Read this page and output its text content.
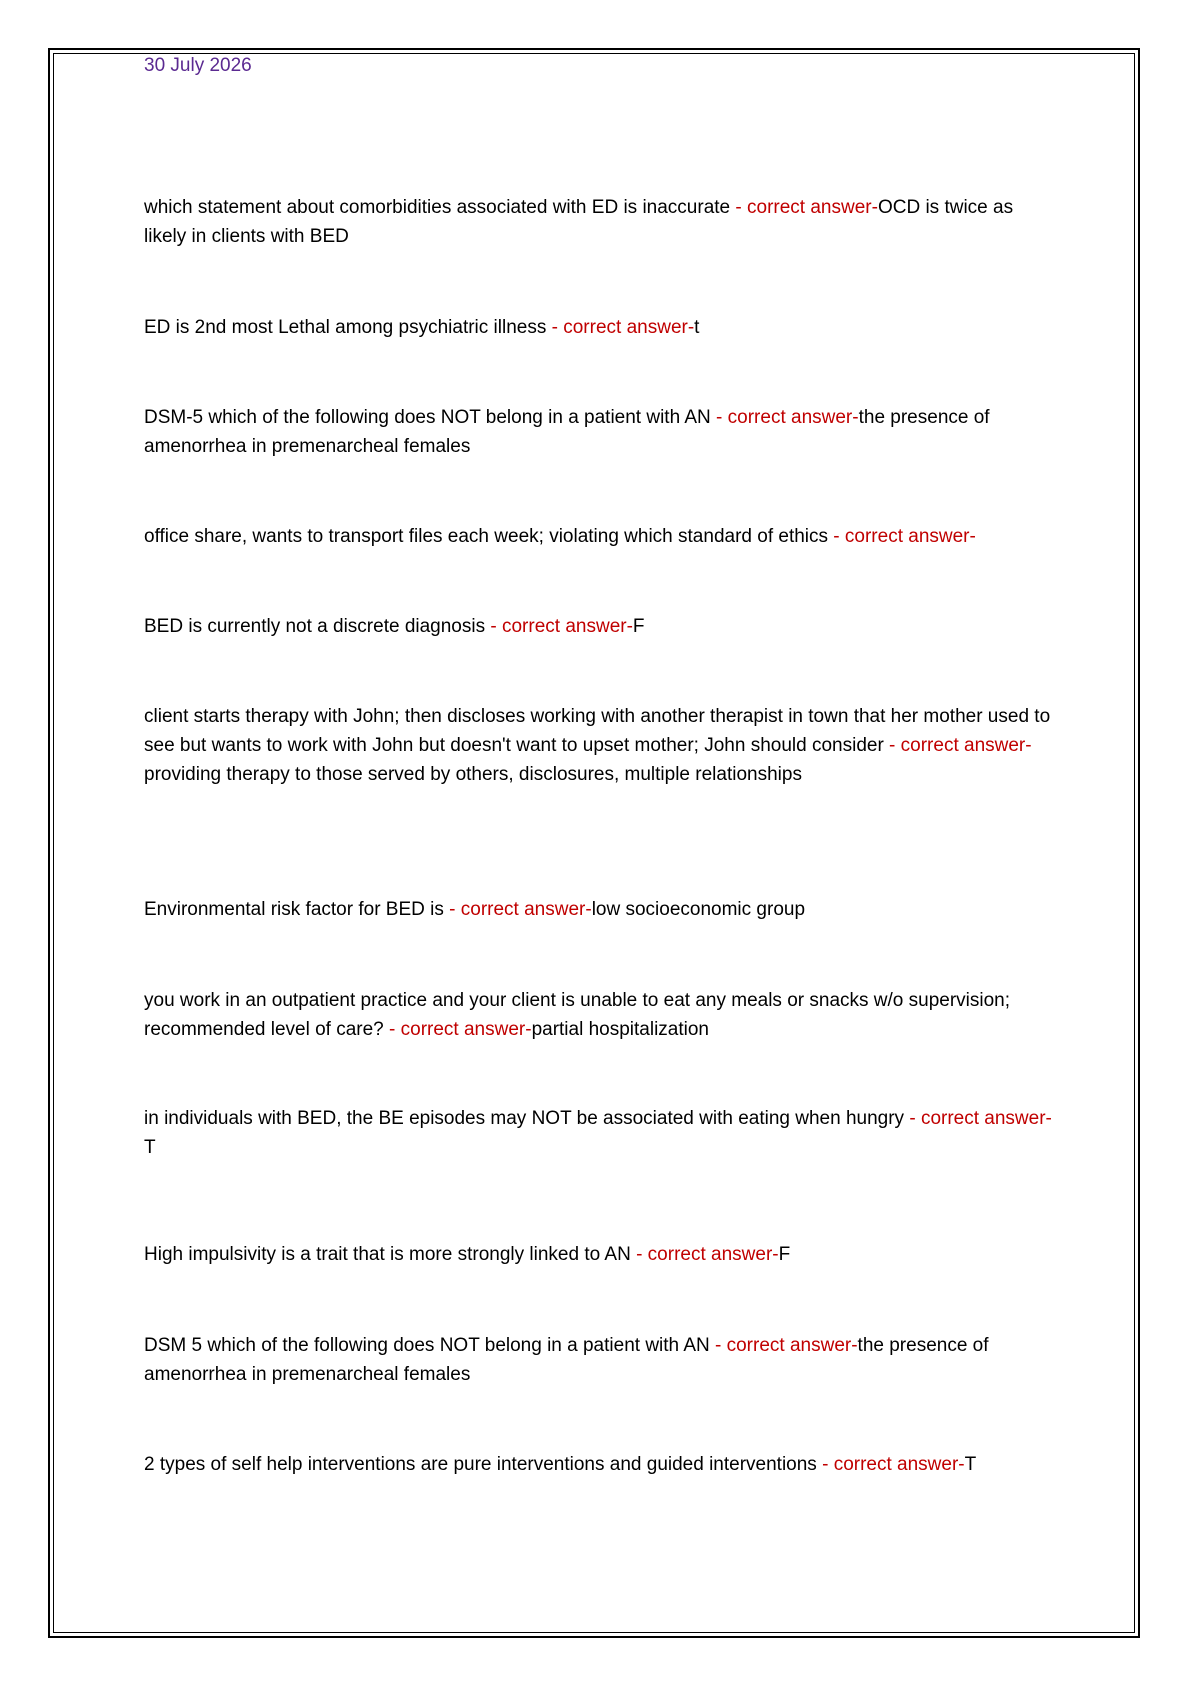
30 July 2026

which statement about comorbidities associated with ED is inaccurate - correct answer-OCD is twice as likely in clients with BED

ED is 2nd most Lethal among psychiatric illness - correct answer-t

DSM-5 which of the following does NOT belong in a patient with AN - correct answer-the presence of amenorrhea in premenarcheal females

office share, wants to transport files each week; violating which standard of ethics - correct answer-

BED is currently not a discrete diagnosis - correct answer-F

client starts therapy with John; then discloses working with another therapist in town that her mother used to see but wants to work with John but doesn't want to upset mother; John should consider - correct answer-providing therapy to those served by others, disclosures, multiple relationships

Environmental risk factor for BED is - correct answer-low socioeconomic group

you work in an outpatient practice and your client is unable to eat any meals or snacks w/o supervision; recommended level of care? - correct answer-partial hospitalization

in individuals with BED, the BE episodes may NOT be associated with eating when hungry - correct answer-T

High impulsivity is a trait that is more strongly linked to AN - correct answer-F

DSM 5 which of the following does NOT belong in a patient with AN - correct answer-the presence of amenorrhea in premenarcheal females

2 types of self help interventions are pure interventions and guided interventions - correct answer-T
